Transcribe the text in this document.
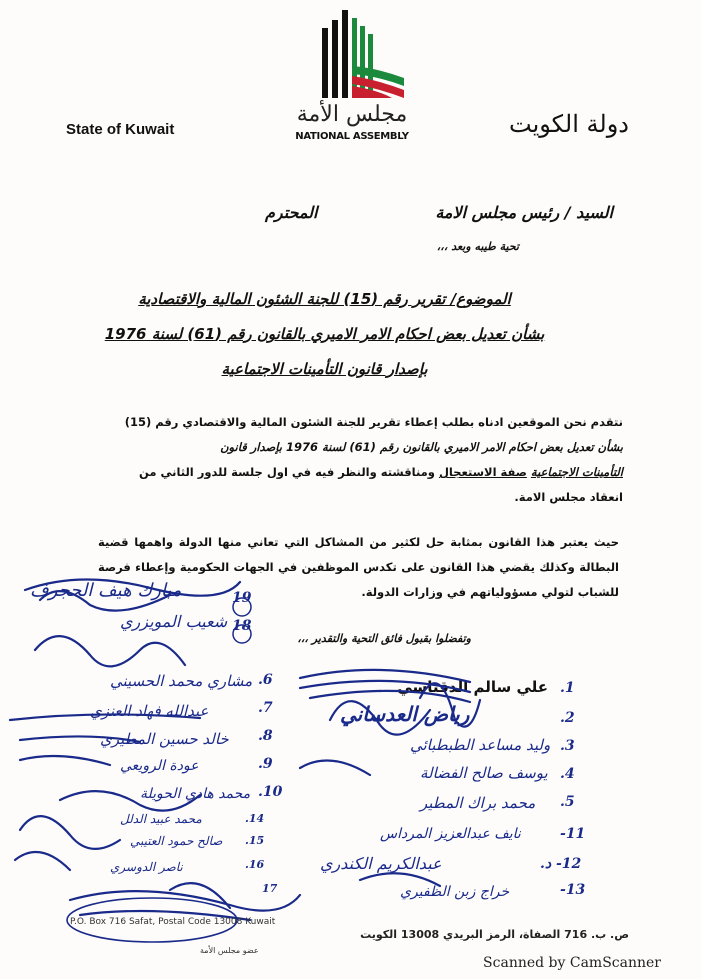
مجلس الأمة
NATIONAL ASSEMBLY
State of Kuwait	دولة الكويت
السيد / رئيس مجلس الامة
المحترم
تحية طيبه وبعد ،،،
الموضوع/ تقرير رقم (15) للجنة الشئون المالية والاقتصادية
بشأن تعديل بعض احكام الامر الاميري بالقانون رقم (61) لسنة 1976
بإصدار قانون التأمينات الاجتماعية

نتقدم نحن الموقعين ادناه بطلب إعطاء تقرير للجنة الشئون المالية والاقتصادي رقم (15)

بشأن تعديل بعض احكام الامر الاميري بالقانون رقم (61) لسنة 1976 بإصدار قانون

التأمينات الاجتماعية صفة الاستعجال ومناقشته والنظر فيه في اول جلسة للدور الثاني من

انعقاد مجلس الامة.

حيث يعتبر هذا القانون بمثابة حل لكثير من المشاكل التي تعاني منها الدولة واهمها قضية البطالة وكذلك يقضي هذا القانون على تكدس الموظفين في الجهات الحكومية وإعطاء فرصة للشباب لتولي مسؤولياتهم في وزارات الدولة.
وتفضلوا بقبول فائق التحية والتقدير ،،،
علي سالم الدقباسي 1.
2.
3.
4.
5.
11-
12- د.
13-
رياض العدساني
وليد مساعد الطبطبائي
يوسف صالح الفضالة
محمد براك المطير
نايف عبدالعزيز المرداس
عبدالكريم الكندري
خراج زبن الظفيري
19
18
6.
7.
8.
9.
10.
14.
15.
16.
17
مبارك هيف الحجرف
شعيب المويزري
مشاري محمد الحسيني
عبدالله فهاد العنزي
خالد حسين المطيري
عودة الرويعي
محمد هادي الحويلة
محمد عبيد الدلل
صالح حمود العتيبي
ناصر الدوسري
P.O. Box 716 Safat, Postal Code 13008 Kuwait
ص. ب. 716 الصفاة، الرمز البريدي 13008 الكويت
عضو مجلس الأمة
Scanned by CamScanner
